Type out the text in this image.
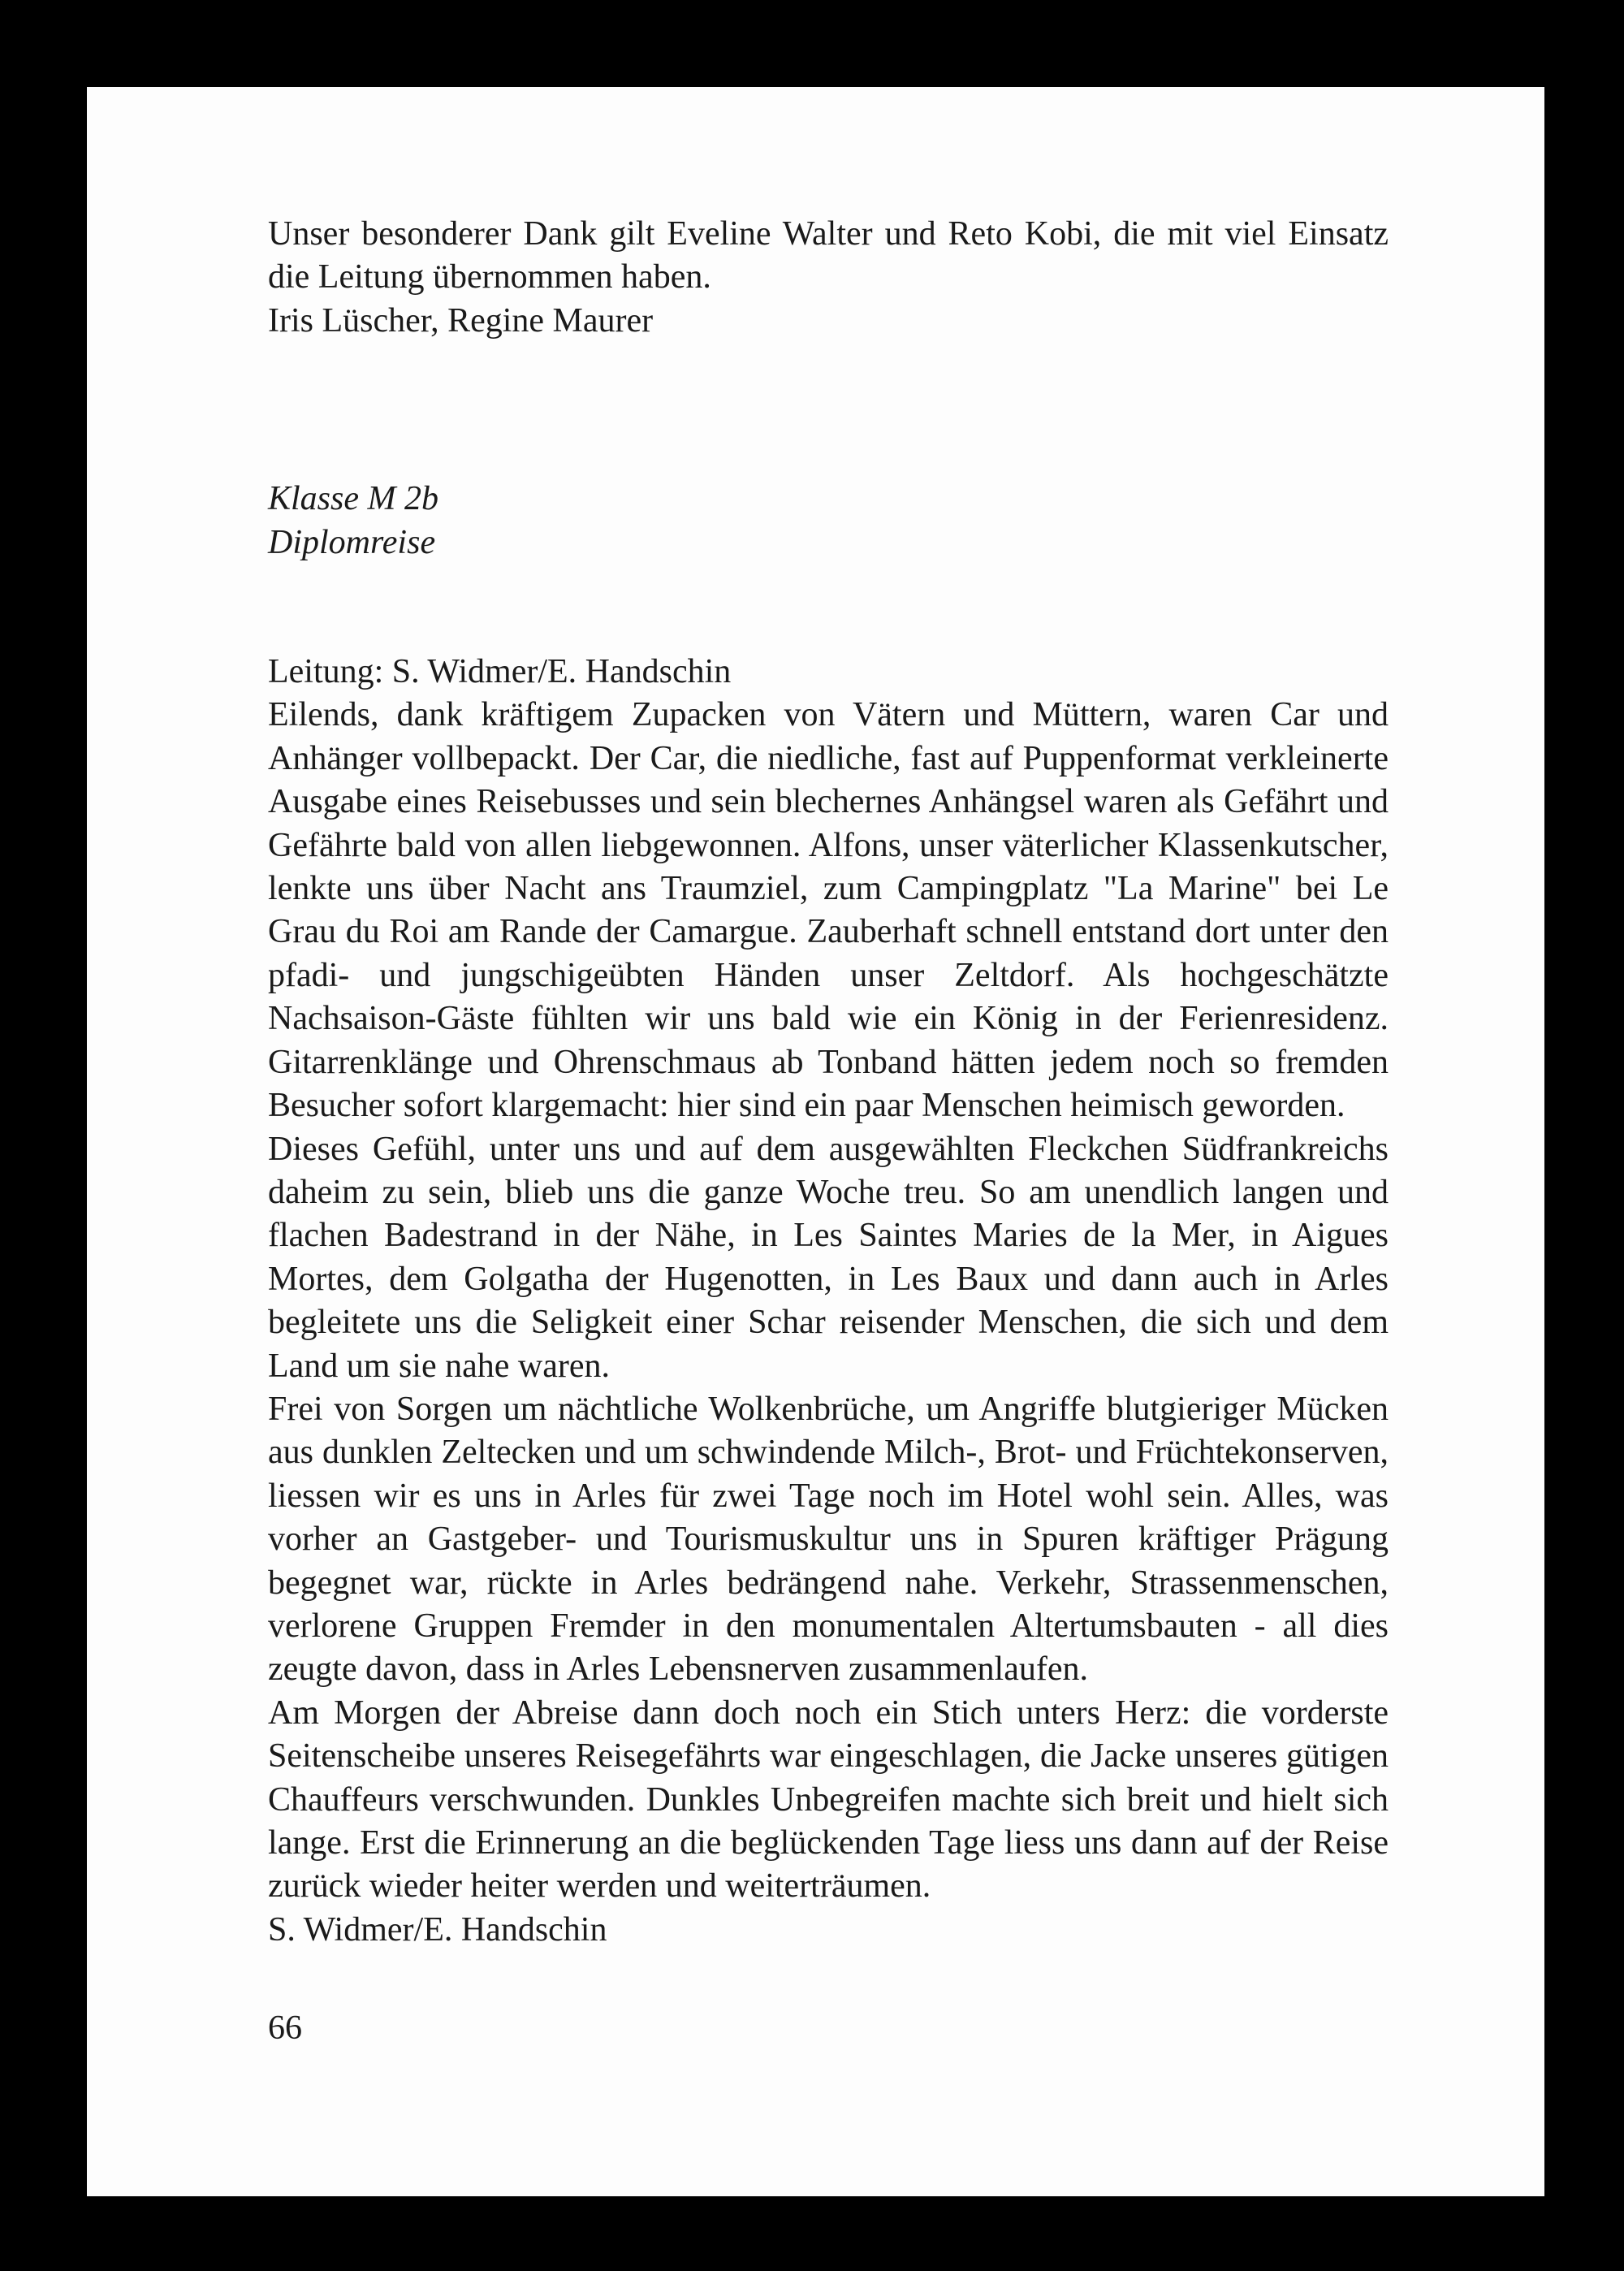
Unser besonderer Dank gilt Eveline Walter und Reto Kobi, die mit viel Einsatz die Leitung übernommen haben.

Iris Lüscher, Regine Maurer

Klasse M 2b

Diplomreise

Leitung: S. Widmer/E. Handschin

Eilends, dank kräftigem Zupacken von Vätern und Müttern, waren Car und Anhänger vollbepackt. Der Car, die niedliche, fast auf Puppenformat verkleinerte Ausgabe eines Reisebusses und sein blechernes Anhängsel waren als Gefährt und Gefährte bald von allen liebgewonnen. Alfons, unser väterlicher Klassenkutscher, lenkte uns über Nacht ans Traumziel, zum Campingplatz "La Marine" bei Le Grau du Roi am Rande der Camargue. Zauberhaft schnell entstand dort unter den pfadi- und jungschigeübten Händen unser Zeltdorf. Als hochgeschätzte Nachsaison-Gäste fühlten wir uns bald wie ein König in der Ferienresidenz. Gitarrenklänge und Ohrenschmaus ab Tonband hätten jedem noch so fremden Besucher sofort klargemacht: hier sind ein paar Menschen heimisch geworden.

Dieses Gefühl, unter uns und auf dem ausgewählten Fleckchen Südfrankreichs daheim zu sein, blieb uns die ganze Woche treu. So am unendlich langen und flachen Badestrand in der Nähe, in Les Saintes Maries de la Mer, in Aigues Mortes, dem Golgatha der Hugenotten, in Les Baux und dann auch in Arles begleitete uns die Seligkeit einer Schar reisender Menschen, die sich und dem Land um sie nahe waren.

Frei von Sorgen um nächtliche Wolkenbrüche, um Angriffe blutgieriger Mücken aus dunklen Zeltecken und um schwindende Milch-, Brot- und Früchtekonserven, liessen wir es uns in Arles für zwei Tage noch im Hotel wohl sein. Alles, was vorher an Gastgeber- und Tourismuskultur uns in Spuren kräftiger Prägung begegnet war, rückte in Arles bedrängend nahe. Verkehr, Strassenmenschen, verlorene Gruppen Fremder in den monumentalen Altertumsbauten - all dies zeugte davon, dass in Arles Lebensnerven zusammenlaufen.

Am Morgen der Abreise dann doch noch ein Stich unters Herz: die vorderste Seitenscheibe unseres Reisegefährts war eingeschlagen, die Jacke unseres gütigen Chauffeurs verschwunden. Dunkles Unbegreifen machte sich breit und hielt sich lange. Erst die Erinnerung an die beglückenden Tage liess uns dann auf der Reise zurück wieder heiter werden und weiterträumen.

S. Widmer/E. Handschin

66
